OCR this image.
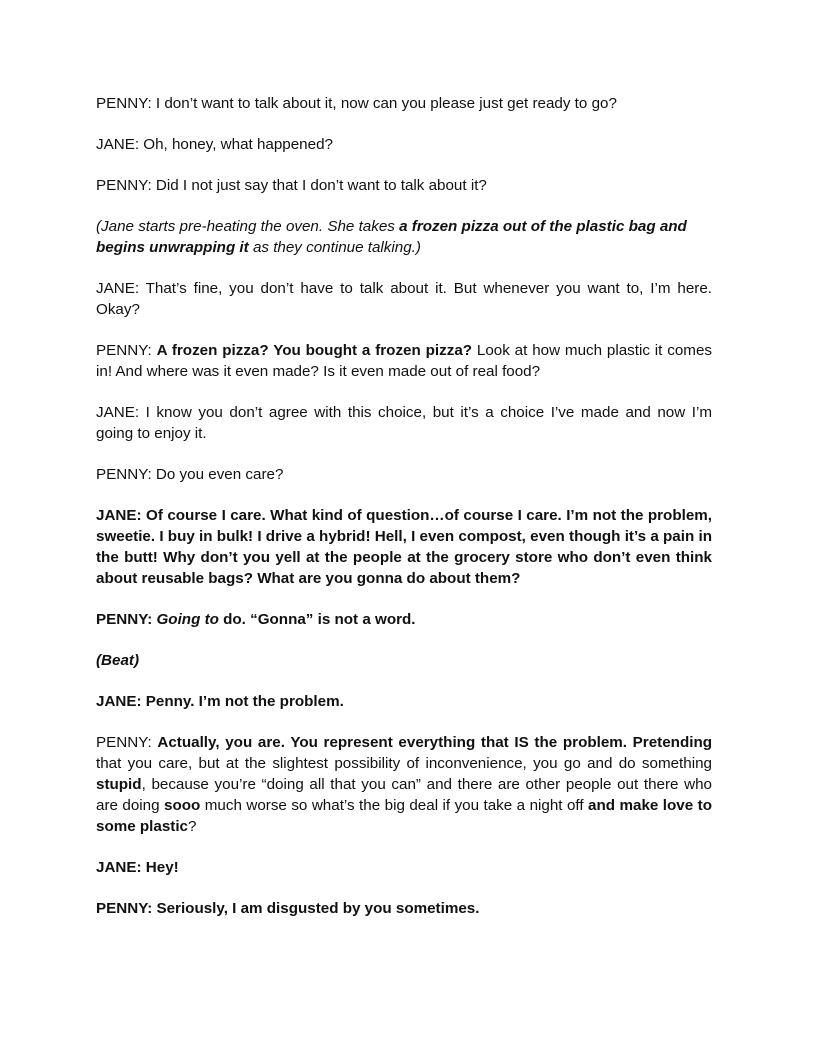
PENNY: I don’t want to talk about it, now can you please just get ready to go?

JANE: Oh, honey, what happened?

PENNY: Did I not just say that I don’t want to talk about it?

(Jane starts pre-heating the oven. She takes a frozen pizza out of the plastic bag and begins unwrapping it as they continue talking.)

JANE: That’s fine, you don’t have to talk about it. But whenever you want to, I’m here. Okay?

PENNY: A frozen pizza? You bought a frozen pizza? Look at how much plastic it comes in! And where was it even made? Is it even made out of real food?

JANE: I know you don’t agree with this choice, but it’s a choice I’ve made and now I’m going to enjoy it.

PENNY: Do you even care?

JANE: Of course I care. What kind of question…of course I care. I’m not the problem, sweetie. I buy in bulk! I drive a hybrid! Hell, I even compost, even though it’s a pain in the butt! Why don’t you yell at the people at the grocery store who don’t even think about reusable bags? What are you gonna do about them?

PENNY: Going to do. “Gonna” is not a word.

(Beat)

JANE: Penny. I’m not the problem.

PENNY: Actually, you are. You represent everything that IS the problem. Pretending that you care, but at the slightest possibility of inconvenience, you go and do something stupid, because you’re “doing all that you can” and there are other people out there who are doing sooo much worse so what’s the big deal if you take a night off and make love to some plastic?

JANE: Hey!

PENNY: Seriously, I am disgusted by you sometimes.
